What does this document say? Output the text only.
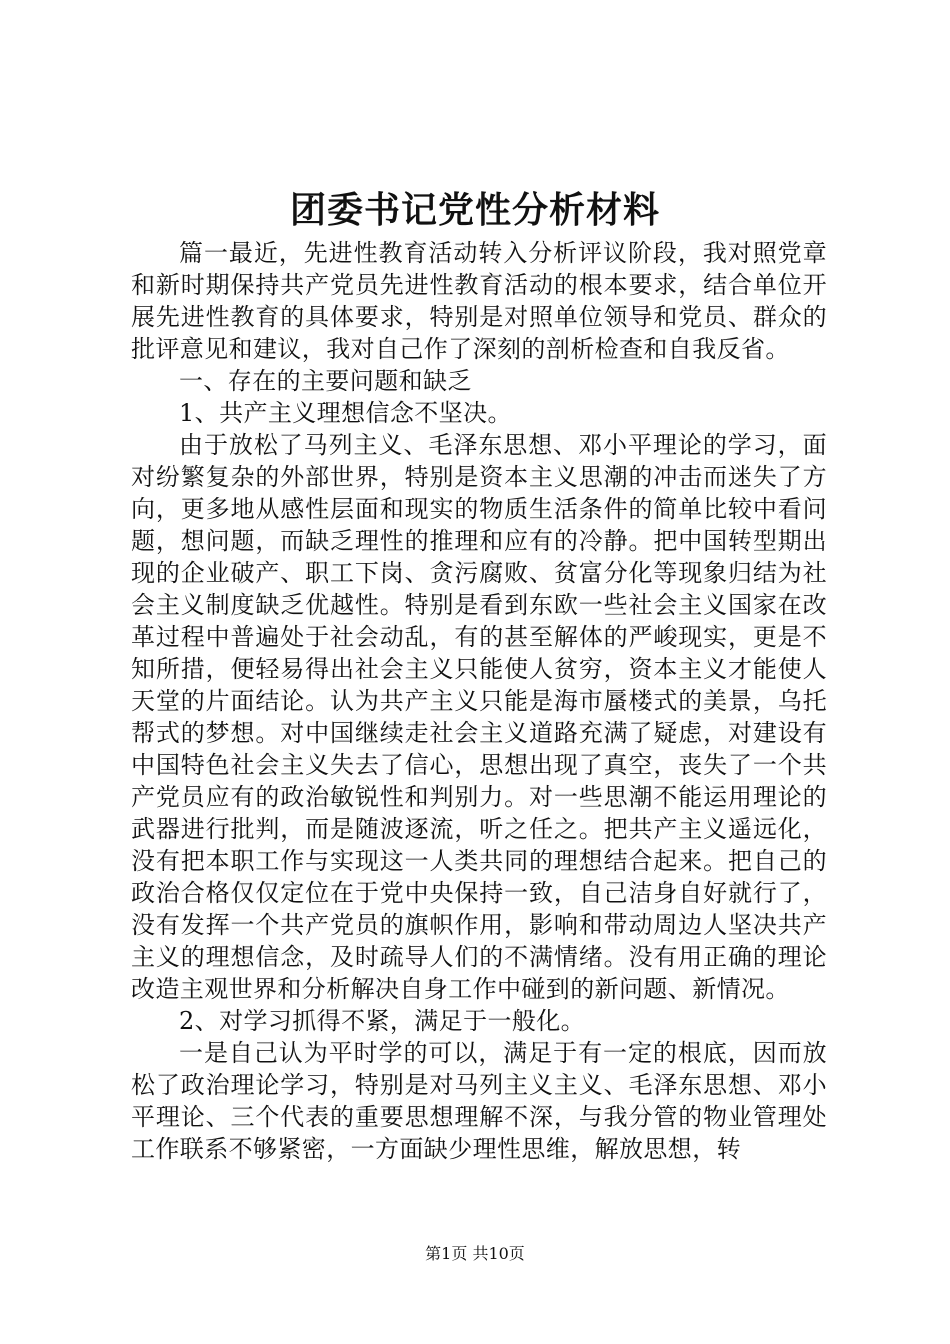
团委书记党性分析材料

篇一最近，先进性教育活动转入分析评议阶段，我对照党章和新时期保持共产党员先进性教育活动的根本要求，结合单位开展先进性教育的具体要求，特别是对照单位领导和党员、群众的批评意见和建议，我对自己作了深刻的剖析检查和自我反省。

一、存在的主要问题和缺乏

1、共产主义理想信念不坚决。

由于放松了马列主义、毛泽东思想、邓小平理论的学习，面对纷繁复杂的外部世界，特别是资本主义思潮的冲击而迷失了方向，更多地从感性层面和现实的物质生活条件的简单比较中看问题，想问题，而缺乏理性的推理和应有的冷静。把中国转型期出现的企业破产、职工下岗、贪污腐败、贫富分化等现象归结为社会主义制度缺乏优越性。特别是看到东欧一些社会主义国家在改革过程中普遍处于社会动乱，有的甚至解体的严峻现实，更是不知所措，便轻易得出社会主义只能使人贫穷，资本主义才能使人天堂的片面结论。认为共产主义只能是海市蜃楼式的美景，乌托帮式的梦想。对中国继续走社会主义道路充满了疑虑，对建设有中国特色社会主义失去了信心，思想出现了真空，丧失了一个共产党员应有的政治敏锐性和判别力。对一些思潮不能运用理论的武器进行批判，而是随波逐流，听之任之。把共产主义遥远化，没有把本职工作与实现这一人类共同的理想结合起来。把自己的政治合格仅仅定位在于党中央保持一致，自己洁身自好就行了，没有发挥一个共产党员的旗帜作用，影响和带动周边人坚决共产主义的理想信念，及时疏导人们的不满情绪。没有用正确的理论改造主观世界和分析解决自身工作中碰到的新问题、新情况。

2、对学习抓得不紧，满足于一般化。

一是自己认为平时学的可以，满足于有一定的根底，因而放松了政治理论学习，特别是对马列主义主义、毛泽东思想、邓小平理论、三个代表的重要思想理解不深，与我分管的物业管理处工作联系不够紧密，一方面缺少理性思维，解放思想，转

第1页 共10页
